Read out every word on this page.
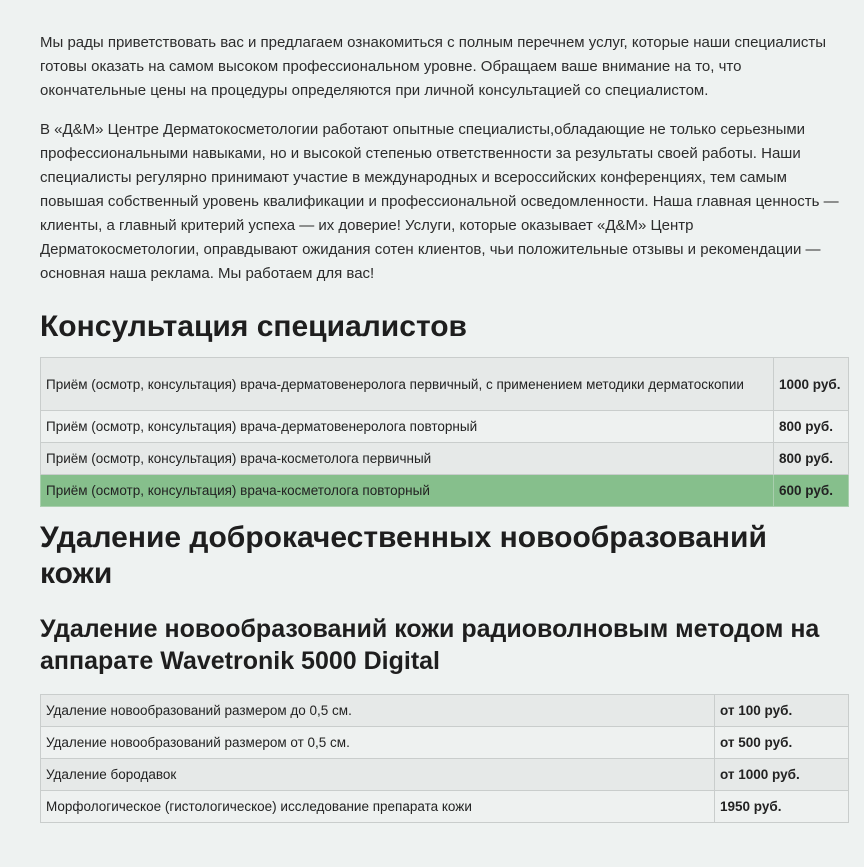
Мы рады приветствовать вас и предлагаем ознакомиться с полным перечнем услуг, которые наши специалисты готовы оказать на самом высоком профессиональном уровне. Обращаем ваше внимание на то, что окончательные цены на процедуры определяются при личной консультацией со специалистом.

В «Д&М» Центре Дерматокосметологии работают опытные специалисты,обладающие не только серьезными профессиональными навыками, но и высокой степенью ответственности за результаты своей работы. Наши специалисты регулярно принимают участие в международных и всероссийских конференциях, тем самым повышая собственный уровень квалификации и профессиональной осведомленности. Наша главная ценность — клиенты, а главный критерий успеха — их доверие! Услуги, которые оказывает «Д&М» Центр Дерматокосметологии, оправдывают ожидания сотен клиентов, чьи положительные отзывы и рекомендации — основная наша реклама. Мы работаем для вас!

Консультация специалистов
Приём (осмотр, консультация) врача-дерматовенеролога первичный, с применением методики дерматоскопии	1000 руб.
Приём (осмотр, консультация) врача-дерматовенеролога повторный	800 руб.
Приём (осмотр, консультация) врача-косметолога первичный	800 руб.
Приём (осмотр, консультация) врача-косметолога повторный	600 руб.
Удаление доброкачественных новообразований кожи
Удаление новообразований кожи радиоволновым методом на аппарате Wavetronik 5000 Digital
Удаление новообразований размером до 0,5 см.	от 100 руб.
Удаление новообразований размером от 0,5 см.	от 500 руб.
Удаление бородавок	от 1000 руб.
Морфологическое (гистологическое) исследование препарата кожи	1950 руб.
